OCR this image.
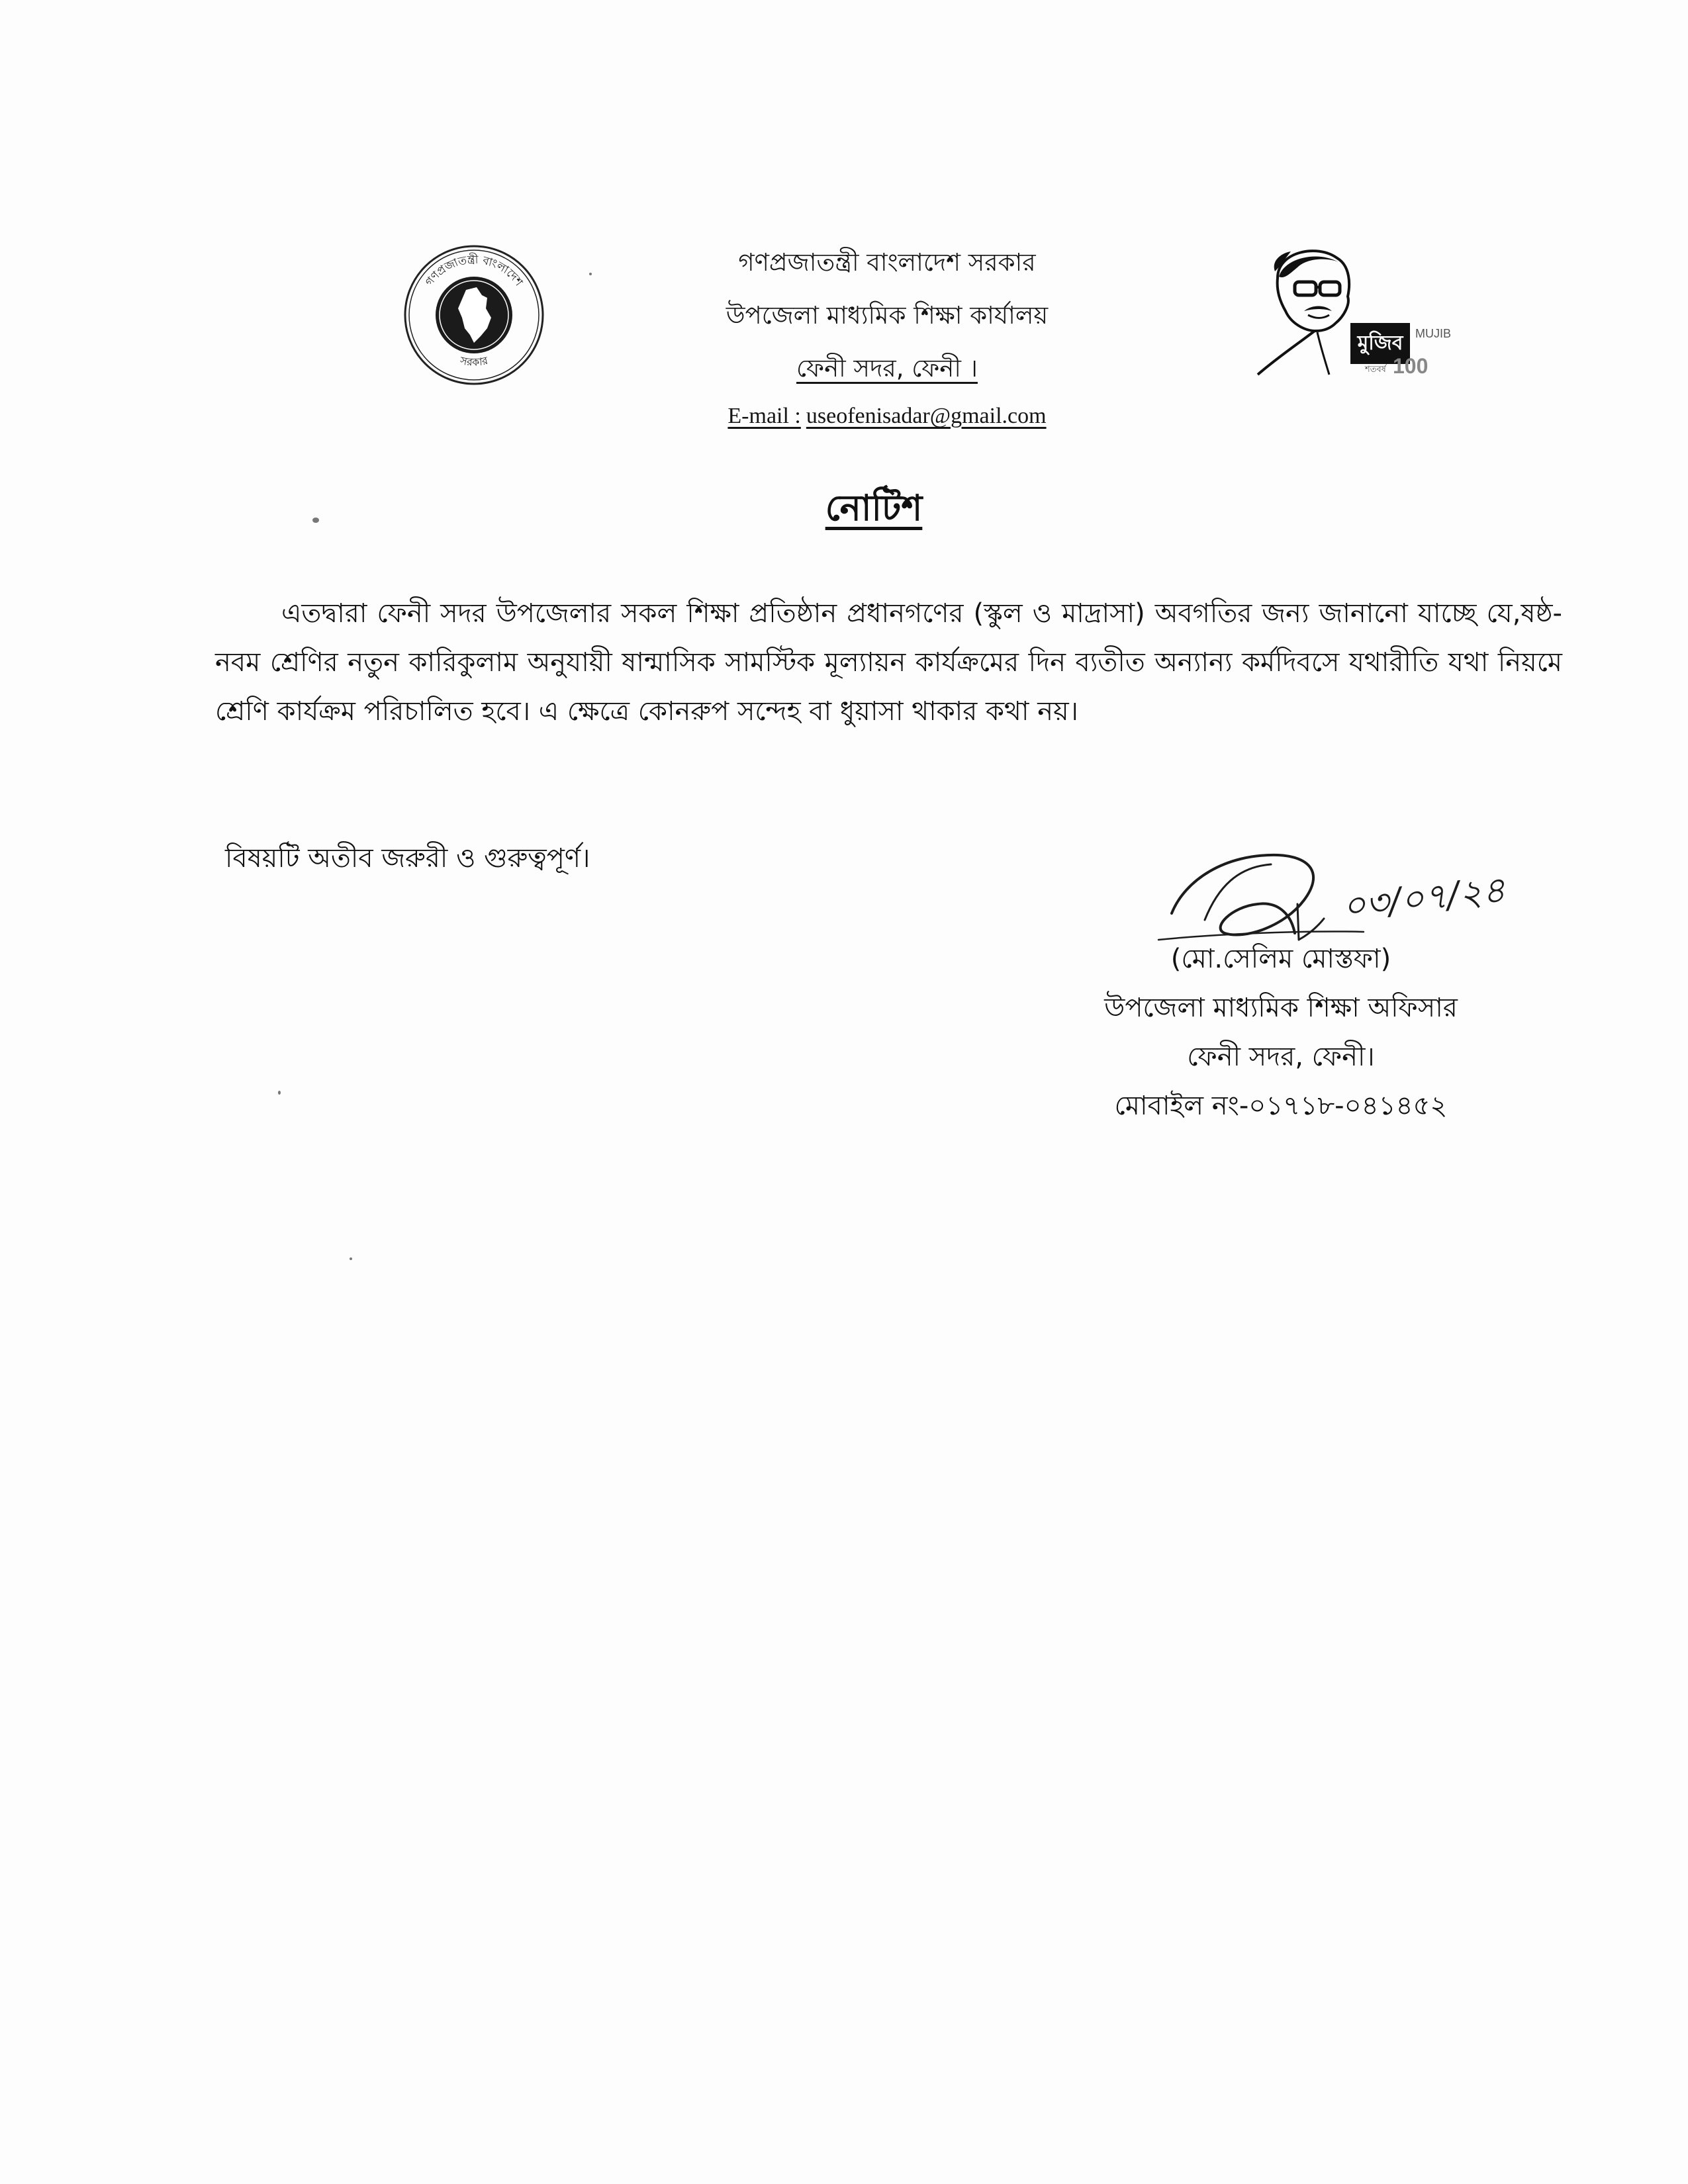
গণপ্রজাতন্ত্রী বাংলাদেশ
সরকার
গণপ্রজাতন্ত্রী বাংলাদেশ সরকার
উপজেলা মাধ্যমিক শিক্ষা কার্যালয়
ফেনী সদর, ফেনী ।
E-mail : useofenisadar@gmail.com
মুজিব MUJIB
শতবর্ষ 100
নোটিশ
এতদ্বারা ফেনী সদর উপজেলার সকল শিক্ষা প্রতিষ্ঠান প্রধানগণের (স্কুল ও মাদ্রাসা) অবগতির জন্য জানানো যাচ্ছে যে,ষষ্ঠ-নবম শ্রেণির নতুন কারিকুলাম অনুযায়ী ষান্মাসিক সামস্টিক মূল্যায়ন কার্যক্রমের দিন ব্যতীত অন্যান্য কর্মদিবসে যথারীতি যথা নিয়মে শ্রেণি কার্যক্রম পরিচালিত হবে। এ ক্ষেত্রে কোনরুপ সন্দেহ বা ধুয়াসা থাকার কথা নয়।
বিষয়টি অতীব জরুরী ও গুরুত্বপূর্ণ।
০৩/০৭/২৪
(মো.সেলিম মোস্তফা)
উপজেলা মাধ্যমিক শিক্ষা অফিসার
ফেনী সদর, ফেনী।
মোবাইল নং-০১৭১৮-০৪১৪৫২
